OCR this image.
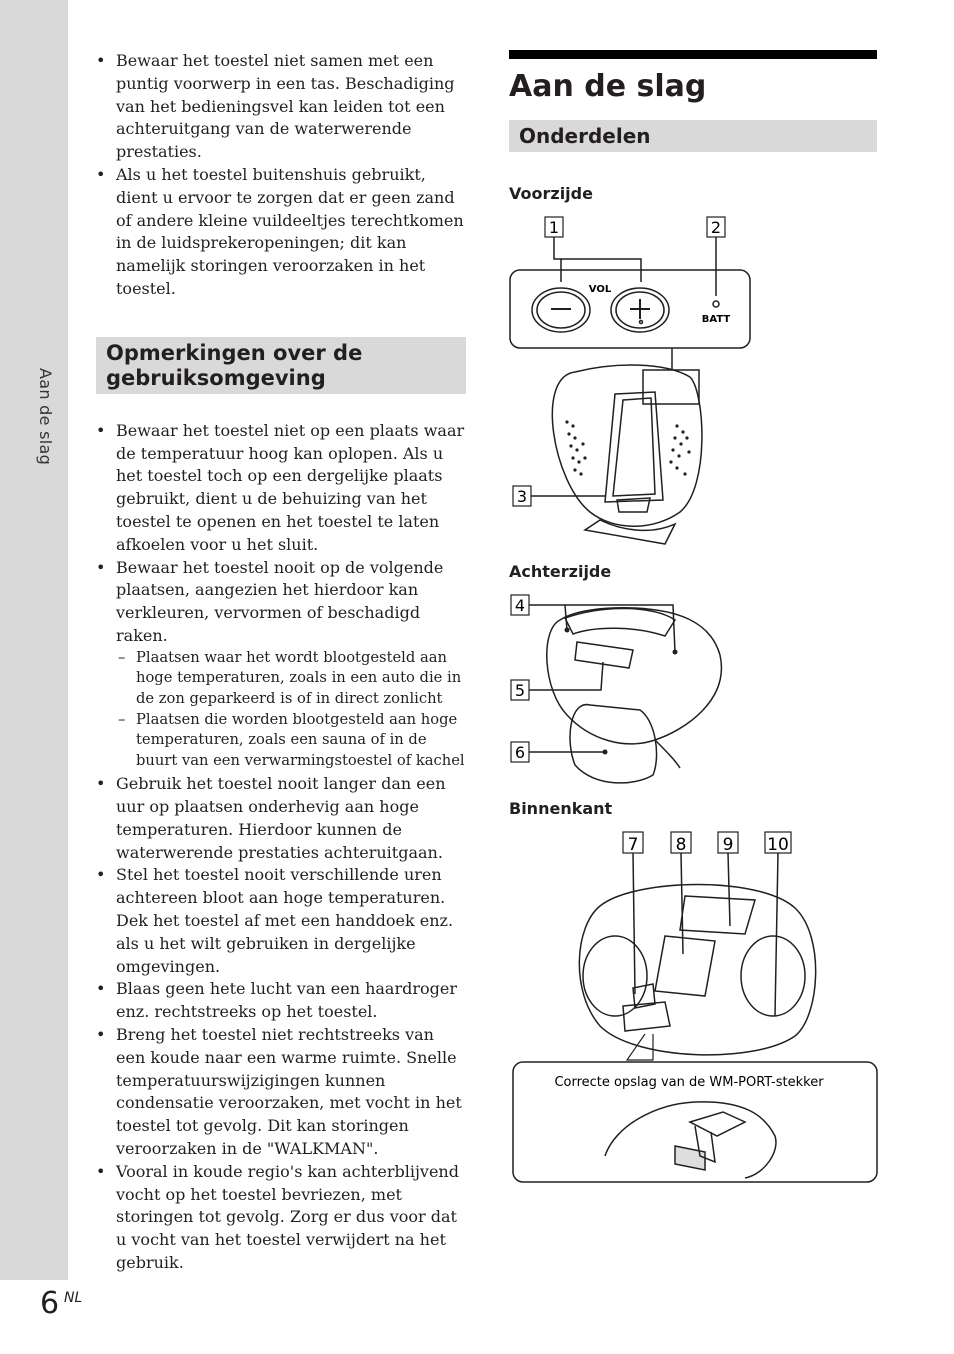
Aan de slag
6 NL
• Bewaar het toestel niet samen met een puntig voorwerp in een tas. Beschadiging van het bedieningsvel kan leiden tot een achteruitgang van de waterwerende prestaties.
• Als u het toestel buitenshuis gebruikt, dient u ervoor te zorgen dat er geen zand of andere kleine vuildeeltjes terechtkomen in de luidsprekeropeningen; dit kan namelijk storingen veroorzaken in het toestel.
Opmerkingen over de gebruiksomgeving
• Bewaar het toestel niet op een plaats waar de temperatuur hoog kan oplopen. Als u het toestel toch op een dergelijke plaats gebruikt, dient u de behuizing van het toestel te openen en het toestel te laten afkoelen voor u het sluit.
• Bewaar het toestel nooit op de volgende plaatsen, aangezien het hierdoor kan verkleuren, vervormen of beschadigd raken.
– Plaatsen waar het wordt blootgesteld aan hoge temperaturen, zoals in een auto die in de zon geparkeerd is of in direct zonlicht
– Plaatsen die worden blootgesteld aan hoge temperaturen, zoals een sauna of in de buurt van een verwarmingstoestel of kachel
• Gebruik het toestel nooit langer dan een uur op plaatsen onderhevig aan hoge temperaturen. Hierdoor kunnen de waterwerende prestaties achteruitgaan.
• Stel het toestel nooit verschillende uren achtereen bloot aan hoge temperaturen. Dek het toestel af met een handdoek enz. als u het wilt gebruiken in dergelijke omgevingen.
• Blaas geen hete lucht van een haardroger enz. rechtstreeks op het toestel.
• Breng het toestel niet rechtstreeks van een koude naar een warme ruimte. Snelle temperatuurswijzigingen kunnen condensatie veroorzaken, met vocht in het toestel tot gevolg. Dit kan storingen veroorzaken in de "WALKMAN".
• Vooral in koude regio's kan achterblijvend vocht op het toestel bevriezen, met storingen tot gevolg. Zorg er dus voor dat u vocht van het toestel verwijdert na het gebruik.
Aan de slag
Onderdelen
Voorzijde
Achterzijde
Binnenkant
1	2
3
VOL
BATT
4
5
6
7 8 9 10
Correcte opslag van de WM-PORT-stekker
